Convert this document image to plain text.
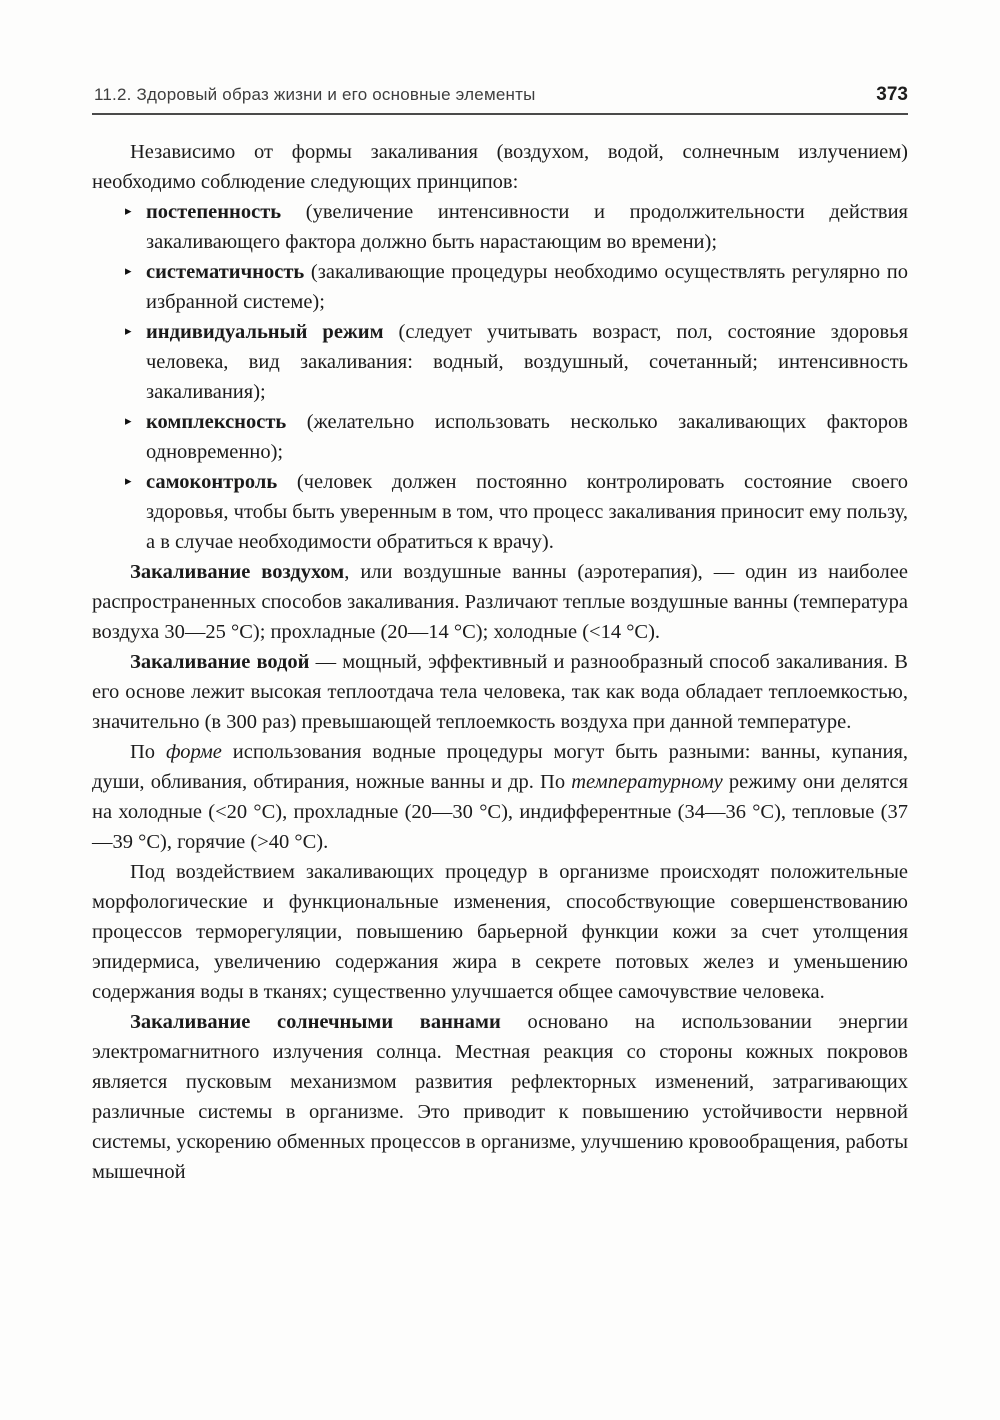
11.2. Здоровый образ жизни и его основные элементы	373
Независимо от формы закаливания (воздухом, водой, солнечным излучением) необходимо соблюдение следующих принципов:
▸ постепенность (увеличение интенсивности и продолжительности действия закаливающего фактора должно быть нарастающим во времени);
▸ систематичность (закаливающие процедуры необходимо осуществлять регулярно по избранной системе);
▸ индивидуальный режим (следует учитывать возраст, пол, состояние здоровья человека, вид закаливания: водный, воздушный, сочетанный; интенсивность закаливания);
▸ комплексность (желательно использовать несколько закаливающих факторов одновременно);
▸ самоконтроль (человек должен постоянно контролировать состояние своего здоровья, чтобы быть уверенным в том, что процесс закаливания приносит ему пользу, а в случае необходимости обратиться к врачу).
Закаливание воздухом, или воздушные ванны (аэротерапия), — один из наиболее распространенных способов закаливания. Различают теплые воздушные ванны (температура воздуха 30—25 °C); прохладные (20—14 °C); холодные (<14 °C).
Закаливание водой — мощный, эффективный и разнообразный способ закаливания. В его основе лежит высокая теплоотдача тела человека, так как вода обладает теплоемкостью, значительно (в 300 раз) превышающей теплоемкость воздуха при данной температуре.
По форме использования водные процедуры могут быть разными: ванны, купания, души, обливания, обтирания, ножные ванны и др. По температурному режиму они делятся на холодные (<20 °C), прохладные (20—30 °C), индифферентные (34—36 °C), тепловые (37—39 °C), горячие (>40 °C).
Под воздействием закаливающих процедур в организме происходят положительные морфологические и функциональные изменения, способствующие совершенствованию процессов терморегуляции, повышению барьерной функции кожи за счет утолщения эпидермиса, увеличению содержания жира в секрете потовых желез и уменьшению содержания воды в тканях; существенно улучшается общее самочувствие человека.
Закаливание солнечными ваннами основано на использовании энергии электромагнитного излучения солнца. Местная реакция со стороны кожных покровов является пусковым механизмом развития рефлекторных изменений, затрагивающих различные системы в организме. Это приводит к повышению устойчивости нервной системы, ускорению обменных процессов в организме, улучшению кровообращения, работы мышечной
